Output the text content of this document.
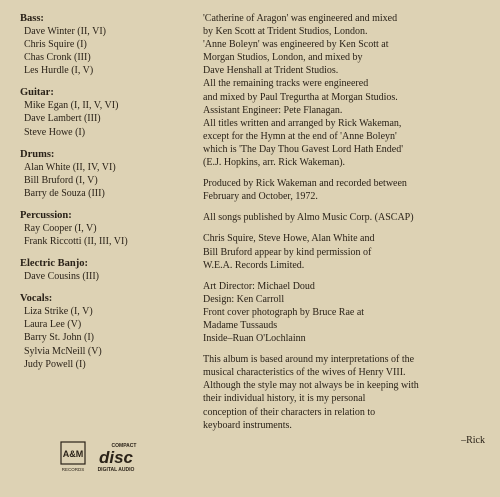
Bass:

Dave Winter (II, VI)

Chris Squire (I)

Chas Cronk (III)

Les Hurdle (I, V)

Guitar:

Mike Egan (I, II, V, VI)

Dave Lambert (III)

Steve Howe (I)

Drums:

Alan White (II, IV, VI)

Bill Bruford (I, V)

Barry de Souza (III)

Percussion:

Ray Cooper (I, V)

Frank Riccotti (II, III, VI)

Electric Banjo:

Dave Cousins (III)

Vocals:

Liza Strike (I, V)

Laura Lee (V)

Barry St. John (I)

Sylvia McNeill (V)

Judy Powell (I)

'Catherine of Aragon' was engineered and mixed
by Ken Scott at Trident Studios, London.
'Anne Boleyn' was engineered by Ken Scott at
Morgan Studios, London, and mixed by
Dave Henshall at Trident Studios.
All the remaining tracks were engineered
and mixed by Paul Tregurtha at Morgan Studios.
Assistant Engineer: Pete Flanagan.
All titles written and arranged by Rick Wakeman,
except for the Hymn at the end of 'Anne Boleyn'
which is 'The Day Thou Gavest Lord Hath Ended'
(E.J. Hopkins, arr. Rick Wakeman).

Produced by Rick Wakeman and recorded between
February and October, 1972.

All songs published by Almo Music Corp. (ASCAP)

Chris Squire, Steve Howe, Alan White and
Bill Bruford appear by kind permission of
W.E.A. Records Limited.

Art Director: Michael Doud
Design: Ken Carroll
Front cover photograph by Bruce Rae at
Madame Tussauds
Inside–Ruan O'Lochlainn

This album is based around my interpretations of the
musical characteristics of the wives of Henry VIII.
Although the style may not always be in keeping with
their individual history, it is my personal
conception of their characters in relation to
keyboard instruments.

–Rick

A&M
RECORDS
COMPACT
disc
DIGITAL AUDIO
